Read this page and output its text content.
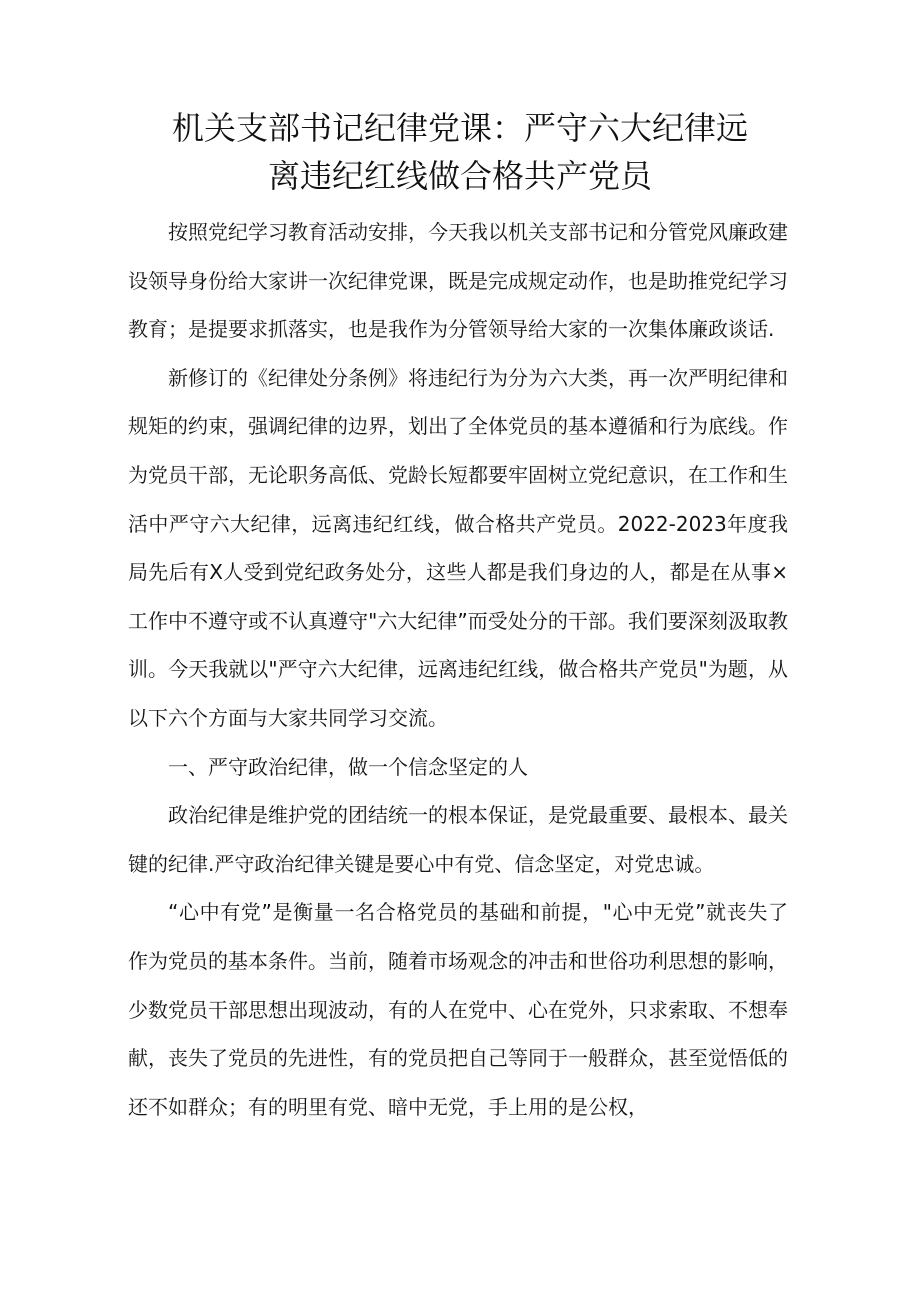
机关支部书记纪律党课：严守六大纪律远
离违纪红线做合格共产党员

按照党纪学习教育活动安排，今天我以机关支部书记和分管党风廉政建设领导身份给大家讲一次纪律党课，既是完成规定动作，也是助推党纪学习教育；是提要求抓落实，也是我作为分管领导给大家的一次集体廉政谈话.

新修订的《纪律处分条例》将违纪行为分为六大类，再一次严明纪律和规矩的约束，强调纪律的边界，划出了全体党员的基本遵循和行为底线。作为党员干部，无论职务高低、党龄长短都要牢固树立党纪意识，在工作和生活中严守六大纪律，远离违纪红线，做合格共产党员。2022-2023年度我局先后有X人受到党纪政务处分，这些人都是我们身边的人，都是在从事×工作中不遵守或不认真遵守"六大纪律”而受处分的干部。我们要深刻汲取教训。今天我就以"严守六大纪律，远离违纪红线，做合格共产党员"为题，从以下六个方面与大家共同学习交流。

一、严守政治纪律，做一个信念坚定的人

政治纪律是维护党的团结统一的根本保证，是党最重要、最根本、最关键的纪律.严守政治纪律关键是要心中有党、信念坚定，对党忠诚。

“心中有党”是衡量一名合格党员的基础和前提，"心中无党”就丧失了作为党员的基本条件。当前，随着市场观念的冲击和世俗功利思想的影响，少数党员干部思想出现波动，有的人在党中、心在党外，只求索取、不想奉献，丧失了党员的先进性，有的党员把自己等同于一般群众，甚至觉悟低的还不如群众；有的明里有党、暗中无党，手上用的是公权，
